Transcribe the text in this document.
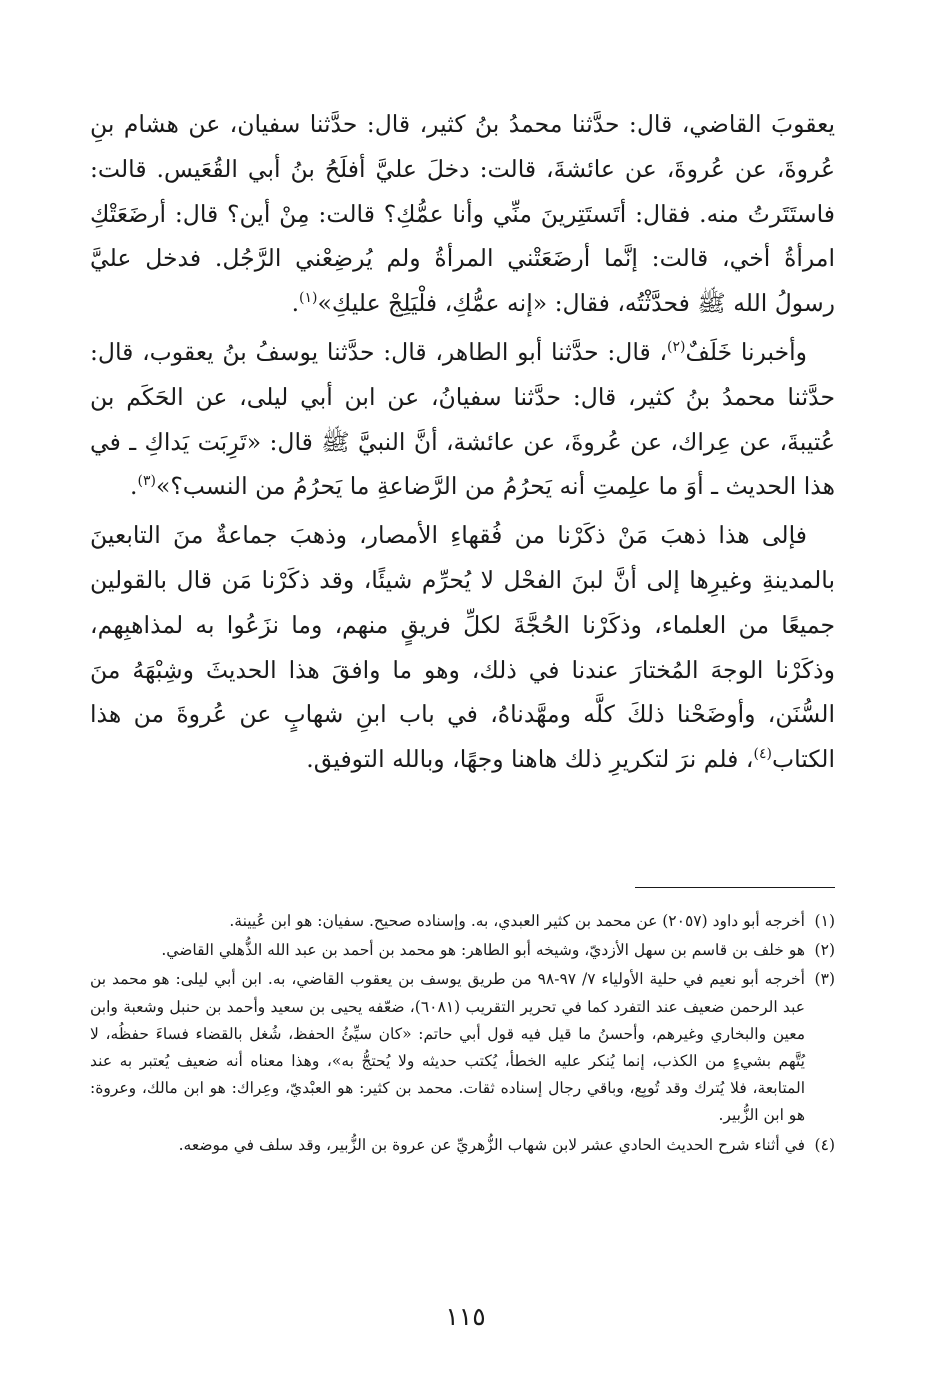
يعقوبَ القاضي، قال: حدَّثنا محمدُ بنُ كثير، قال: حدَّثنا سفيان، عن هشام بنِ عُروةَ، عن عُروةَ، عن عائشةَ، قالت: دخلَ عليَّ أفلَحُ بنُ أبي القُعَيس. قالت: فاستَتَرتُ منه. فقال: أتَستَتِرينَ منِّي وأنا عمُّكِ؟ قالت: مِنْ أين؟ قال: أرضَعَتْكِ امرأةُ أخي، قالت: إنَّما أرضَعَتْني المرأةُ ولم يُرضِعْني الرَّجُل. فدخل عليَّ رسولُ الله ﷺ فحدَّثْتُه، فقال: «إنه عمُّكِ، فلْيَلِجْ عليكِ»$^{(١)}$.

وأخبرنا خَلَفٌ$^{(٢)}$، قال: حدَّثنا أبو الطاهر، قال: حدَّثنا يوسفُ بنُ يعقوب، قال: حدَّثنا محمدُ بنُ كثير، قال: حدَّثنا سفيانُ، عن ابن أبي ليلى، عن الحَكَم بن عُتيبةَ، عن عِراك، عن عُروةَ، عن عائشة، أنَّ النبيَّ ﷺ قال: «تَرِبَت يَداكِ ـ في هذا الحديث ـ أوَ ما علِمتِ أنه يَحرُمُ من الرَّضاعةِ ما يَحرُمُ من النسب؟»$^{(٣)}$.

فإلى هذا ذهبَ مَنْ ذكَرْنا من فُقهاءِ الأمصار، وذهبَ جماعةٌ منَ التابعينَ بالمدينةِ وغيرِها إلى أنَّ لبنَ الفحْل لا يُحرِّم شيئًا، وقد ذكَرْنا مَن قال بالقولين جميعًا من العلماء، وذكَرْنا الحُجَّةَ لكلِّ فريقٍ منهم، وما نزَعُوا به لمذاهبِهم، وذكَرْنا الوجهَ المُختارَ عندنا في ذلك، وهو ما وافقَ هذا الحديثَ وشِبْهَهُ منَ السُّنَن، وأوضَحْنا ذلكَ كلَّه ومهَّدناهُ، في باب ابنِ شهابٍ عن عُروةَ من هذا الكتاب$^{(٤)}$، فلم نرَ لتكريرِ ذلك هاهنا وجهًا، وبالله التوفيق.

(١)
أخرجه أبو داود (٢٠٥٧) عن محمد بن كثير العبدي، به. وإسناده صحيح. سفيان: هو ابن عُيينة.

(٢)
هو خلف بن قاسم بن سهل الأزديّ، وشيخه أبو الطاهر: هو محمد بن أحمد بن عبد الله الذُّهلي القاضي.

(٣)
أخرجه أبو نعيم في حلية الأولياء ٧/ ٩٧-٩٨ من طريق يوسف بن يعقوب القاضي، به. ابن أبي ليلى: هو محمد بن عبد الرحمن ضعيف عند التفرد كما في تحرير التقريب (٦٠٨١)، ضعّفه يحيى بن سعيد وأحمد بن حنبل وشعبة وابن معين والبخاري وغيرهم، وأحسنُ ما قيل فيه قول أبي حاتم: «كان سيِّئُ الحفظ، شُغل بالقضاء فساءَ حفظُه، لا يُتَّهم بشيءٍ من الكذب، إنما يُنكر عليه الخطأ، يُكتب حديثه ولا يُحتجُّ به»، وهذا معناه أنه ضعيف يُعتبر به عند المتابعة، فلا يُترك وقد تُوبِع، وباقي رجال إسناده ثقات. محمد بن كثير: هو العبْديّ، وعِراك: هو ابن مالك، وعروة: هو ابن الزُّبير.

(٤)
في أثناء شرح الحديث الحادي عشر لابن شهاب الزُّهريِّ عن عروة بن الزُّبير، وقد سلف في موضعه.

١١٥
